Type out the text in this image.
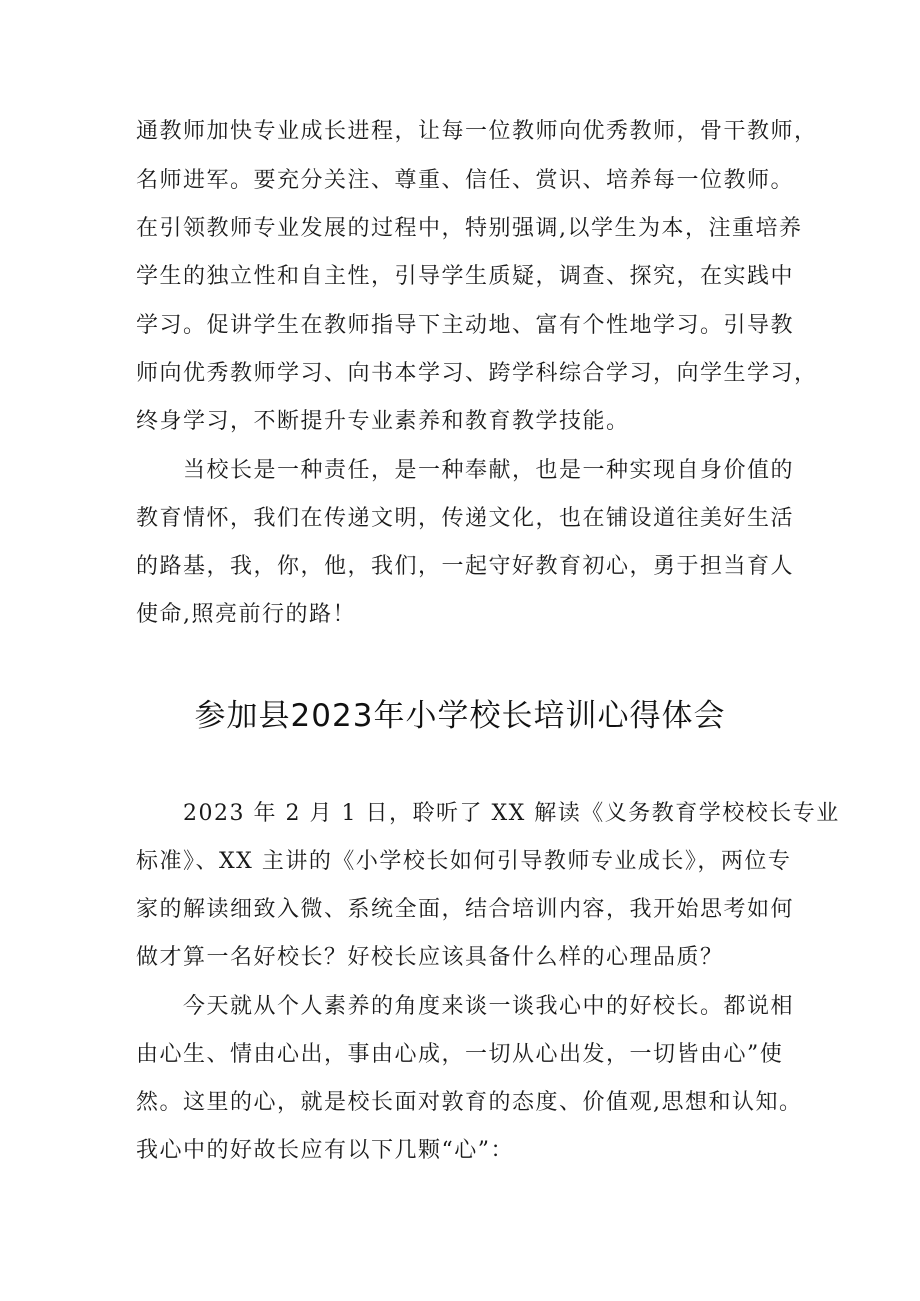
通教师加快专业成长进程，让每一位教师向优秀教师，骨干教师，
名师进军。要充分关注、尊重、信任、赏识、培养每一位教师。
在引领教师专业发展的过程中，特别强调,以学生为本，注重培养
学生的独立性和自主性，引导学生质疑，调查、探究，在实践中
学习。促讲学生在教师指导下主动地、富有个性地学习。引导教
师向优秀教师学习、向书本学习、跨学科综合学习，向学生学习，
终身学习，不断提升专业素养和教育教学技能。
当校长是一种责任，是一种奉献，也是一种实现自身价值的
教育情怀，我们在传递文明，传递文化，也在铺设道往美好生活
的路基，我，你，他，我们，一起守好教育初心，勇于担当育人
使命,照亮前行的路！
参加县2023年小学校长培训心得体会
2023 年 2 月 1 日，聆听了 XX 解读《义务教育学校校长专业
标准》、XX 主讲的《小学校长如何引导教师专业成长》，两位专
家的解读细致入微、系统全面，结合培训内容，我开始思考如何
做才算一名好校长？好校长应该具备什么样的心理品质？
今天就从个人素养的角度来谈一谈我心中的好校长。都说相
由心生、情由心出，事由心成，一切从心出发，一切皆由心”使
然。这里的心，就是校长面对敦育的态度、价值观,思想和认知。
我心中的好故长应有以下几颗“心”：
